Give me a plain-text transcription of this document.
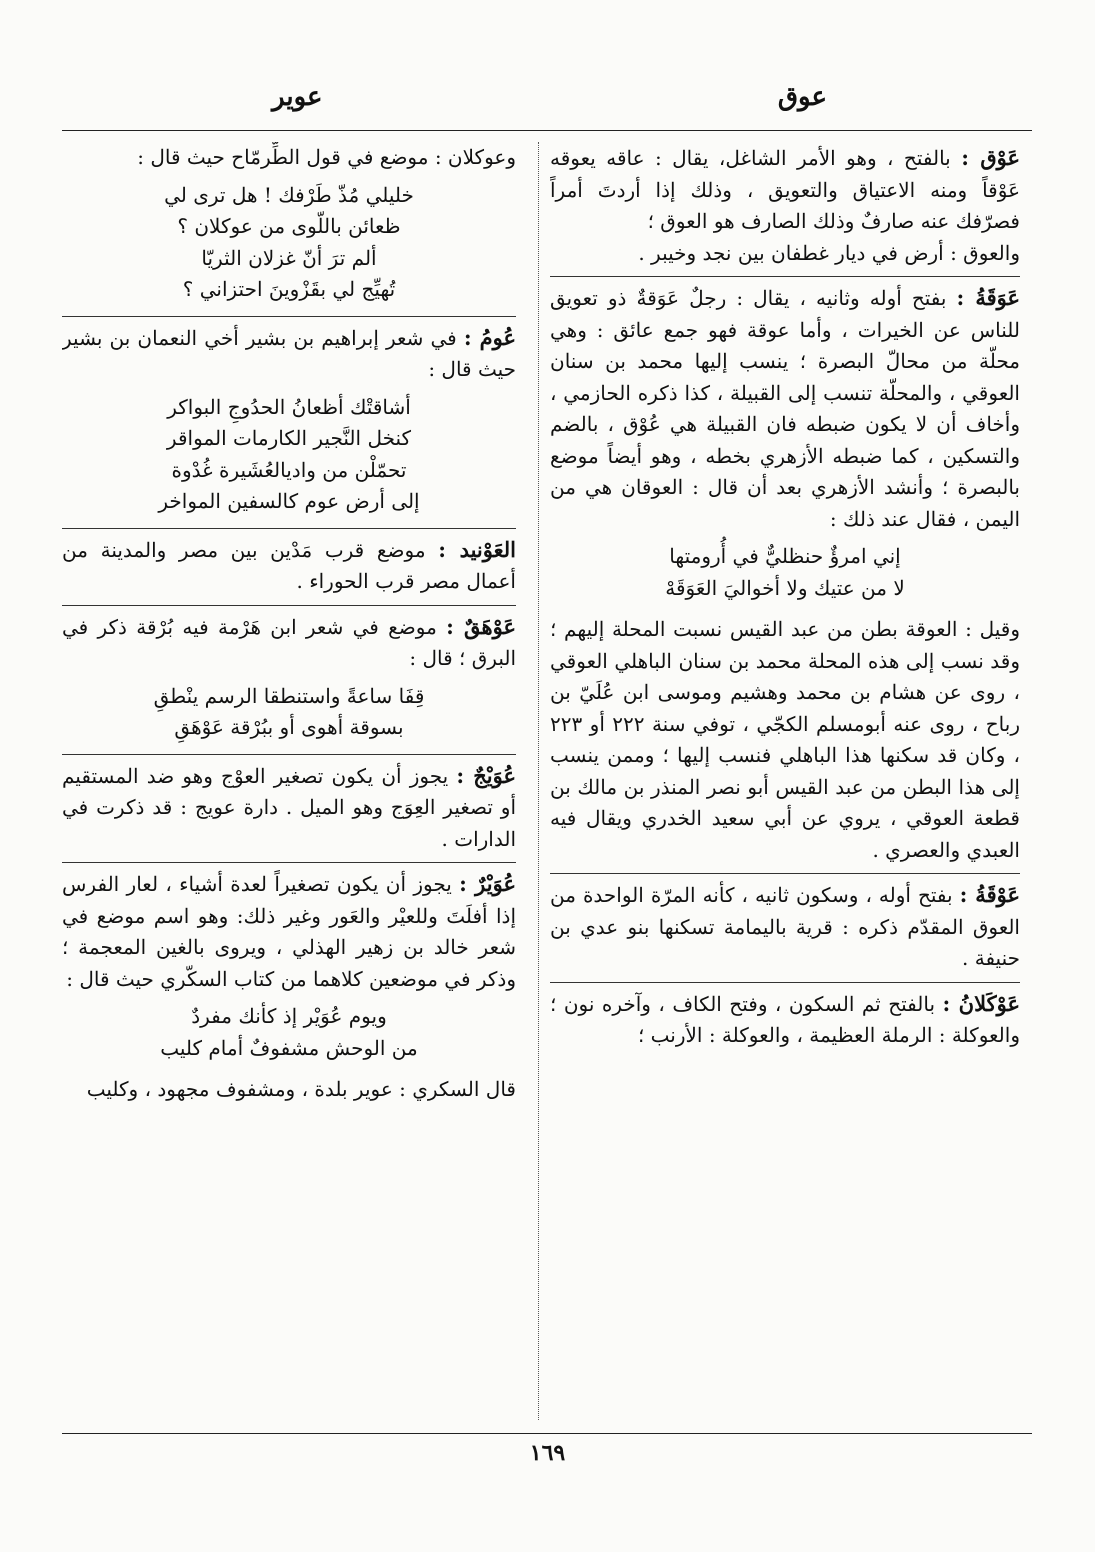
عوق
عوير
عَوْق : بالفتح ، وهو الأمر الشاغل، يقال : عاقه يعوقه عَوْقاً ومنه الاعتياق والتعويق ، وذلك إذا أردتَ أمراً فصرّفك عنه صارفٌ وذلك الصارف هو العوق ؛
والعوق : أرض في ديار غطفان بين نجد وخيبر .
عَوَقَةُ : بفتح أوله وثانيه ، يقال : رجلٌ عَوَقةٌ ذو تعويق للناس عن الخيرات ، وأما عوقة فهو جمع عائق : وهي محلّة من محالّ البصرة ؛ ينسب إليها محمد بن سنان العوقي ، والمحلّة تنسب إلى القبيلة ، كذا ذكره الحازمي ، وأخاف أن لا يكون ضبطه فان القبيلة هي عُوْق ، بالضم والتسكين ، كما ضبطه الأزهري بخطه ، وهو أيضاً موضع بالبصرة ؛ وأنشد الأزهري بعد أن قال : العوقان هي من اليمن ، فقال عند ذلك :
إني امرؤٌ حنظليٌّ في أُرومتها
لا من عتيك ولا أخواليَ العَوَقَهْ
وقيل : العوقة بطن من عبد القيس نسبت المحلة إليهم ؛ وقد نسب إلى هذه المحلة محمد بن سنان الباهلي العوقي ، روى عن هشام بن محمد وهشيم وموسى ابن عُلَيّ بن رباح ، روى عنه أبومسلم الكجّي ، توفي سنة ٢٢٢ أو ٢٢٣ ، وكان قد سكنها هذا الباهلي فنسب إليها ؛ وممن ينسب إلى هذا البطن من عبد القيس أبو نصر المنذر بن مالك بن قطعة العوقي ، يروي عن أبي سعيد الخدري ويقال فيه العبدي والعصري .
عَوْقَةُ : بفتح أوله ، وسكون ثانيه ، كأنه المرّة الواحدة من العوق المقدّم ذكره : قرية باليمامة تسكنها بنو عدي بن حنيفة .
عَوْكَلانُ : بالفتح ثم السكون ، وفتح الكاف ، وآخره نون ؛ والعوكلة : الرملة العظيمة ، والعوكلة : الأرنب ؛
وعوكلان : موضع في قول الطِّرمّاح حيث قال :
خليلي مُذّ طَرْفك ! هل ترى لي
ظعائن باللّوى من عوكلان ؟
ألم ترَ أنّ غزلان الثريّا
تُهيِّج لي بقَزْوينَ احتزاني ؟
عُومُ : في شعر إبراهيم بن بشير أخي النعمان بن بشير حيث قال :
أشاقتْك أظعانُ الحدُوجِ البواكر
كنخل النَّجير الكارمات المواقر
تحمّلْن من واديالعُشَيرة غُدْوة
إلى أرض عوم كالسفين المواخر
العَوْنيد : موضع قرب مَدْين بين مصر والمدينة من أعمال مصر قرب الحوراء .
عَوْهَقٌ : موضع في شعر ابن هَرْمة فيه بُرْقة ذكر في البرق ؛ قال :
قِفَا ساعةً واستنطقا الرسم ينْطقِ
بسوقة أهوى أو ببُرْقة عَوْهَقِ
عُوَيْجٌ : يجوز أن يكون تصغير العوْج وهو ضد المستقيم أو تصغير العِوَج وهو الميل . دارة عويج : قد ذكرت في الدارات .
عُوَيْرٌ : يجوز أن يكون تصغيراً لعدة أشياء ، لعار الفرس إذا أفلَتَ وللعيْر والعَور وغير ذلك: وهو اسم موضع في شعر خالد بن زهير الهذلي ، ويروى بالغين المعجمة ؛ وذكر في موضعين كلاهما من كتاب السكّري حيث قال :
ويوم عُوَيْر إذ كأنك مفردٌ
من الوحش مشفوفٌ أمام كليب
قال السكري : عوير بلدة ، ومشفوف مجهود ، وكليب
١٦٩
